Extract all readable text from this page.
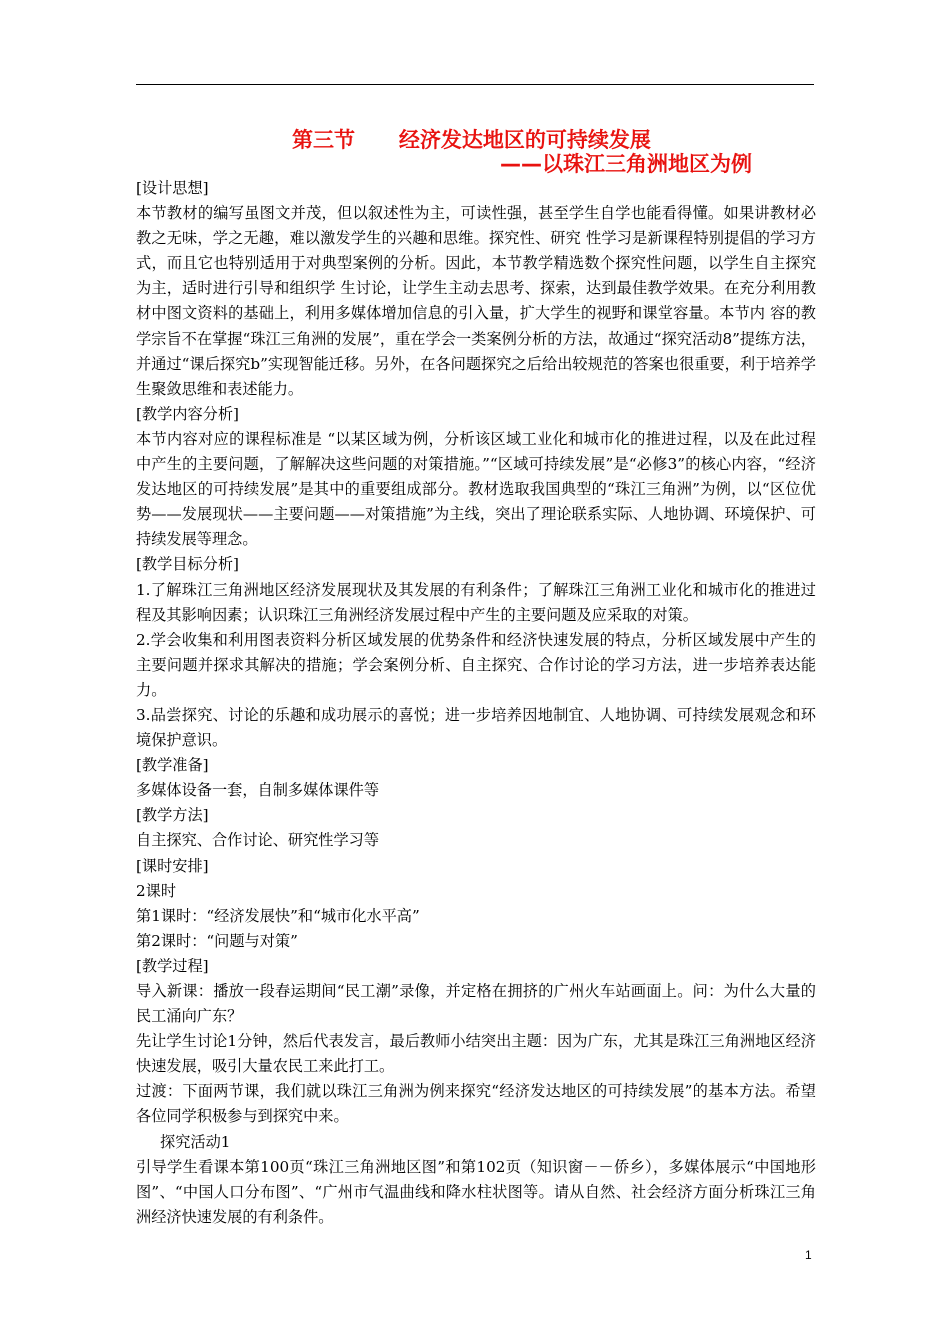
第三节      经济发达地区的可持续发展
——以珠江三角洲地区为例

[设计思想]

本节教材的编写虽图文并茂，但以叙述性为主，可读性强，甚至学生自学也能看得懂。如果讲教材必教之无味，学之无趣，难以激发学生的兴趣和思维。探究性、研究 性学习是新课程特别提倡的学习方式，而且它也特别适用于对典型案例的分析。因此，本节教学精选数个探究性问题，以学生自主探究为主，适时进行引导和组织学 生讨论，让学生主动去思考、探索，达到最佳教学效果。在充分利用教材中图文资料的基础上，利用多媒体增加信息的引入量，扩大学生的视野和课堂容量。本节内 容的教学宗旨不在掌握“珠江三角洲的发展”，重在学会一类案例分析的方法，故通过“探究活动8”提练方法，并通过“课后探究b”实现智能迁移。另外，在各问题探究之后给出较规范的答案也很重要，利于培养学生聚敛思维和表述能力。

[教学内容分析]

本节内容对应的课程标准是 “以某区域为例，分析该区域工业化和城市化的推进过程，以及在此过程中产生的主要问题，了解解决这些问题的对策措施。”“区域可持续发展”是“必修3”的核心内容，“经济发达地区的可持续发展”是其中的重要组成部分。教材选取我国典型的“珠江三角洲”为例，以“区位优势——发展现状——主要问题——对策措施”为主线，突出了理论联系实际、人地协调、环境保护、可持续发展等理念。

[教学目标分析]

1.了解珠江三角洲地区经济发展现状及其发展的有利条件；了解珠江三角洲工业化和城市化的推进过程及其影响因素；认识珠江三角洲经济发展过程中产生的主要问题及应采取的对策。

2.学会收集和利用图表资料分析区域发展的优势条件和经济快速发展的特点，分析区域发展中产生的主要问题并探求其解决的措施；学会案例分析、自主探究、合作讨论的学习方法，进一步培养表达能力。

3.品尝探究、讨论的乐趣和成功展示的喜悦；进一步培养因地制宜、人地协调、可持续发展观念和环境保护意识。

[教学准备]

多媒体设备一套，自制多媒体课件等

[教学方法]

自主探究、合作讨论、研究性学习等

[课时安排]

2课时

第1课时：“经济发展快”和“城市化水平高”

第2课时：“问题与对策”

[教学过程]

导入新课：播放一段春运期间“民工潮”录像，并定格在拥挤的广州火车站画面上。问：为什么大量的民工涌向广东？

先让学生讨论1分钟，然后代表发言，最后教师小结突出主题：因为广东，尤其是珠江三角洲地区经济快速发展，吸引大量农民工来此打工。

过渡：下面两节课，我们就以珠江三角洲为例来探究“经济发达地区的可持续发展”的基本方法。希望各位同学积极参与到探究中来。

探究活动1

引导学生看课本第100页“珠江三角洲地区图”和第102页（知识窗－－侨乡），多媒体展示“中国地形图”、“中国人口分布图”、“广州市气温曲线和降水柱状图等。请从自然、社会经济方面分析珠江三角洲经济快速发展的有利条件。

1
